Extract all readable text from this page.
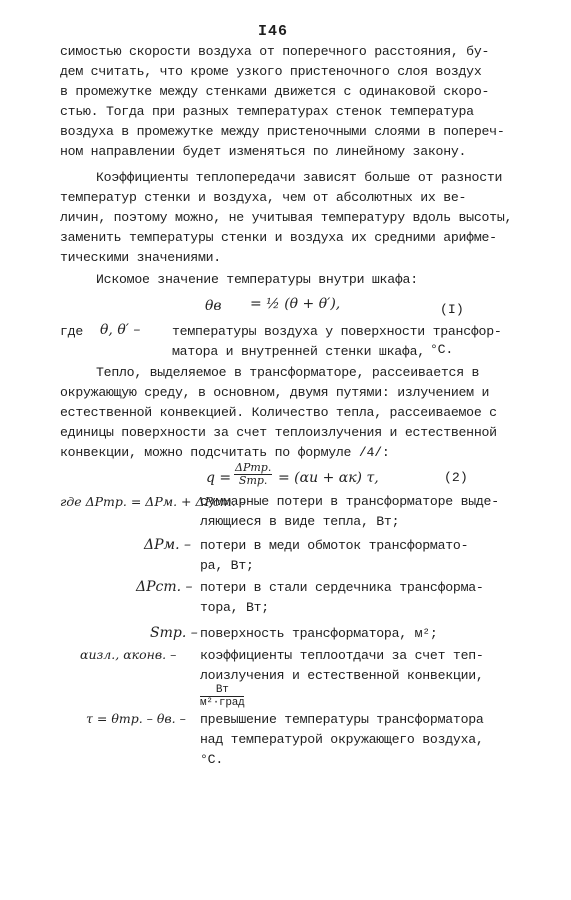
I46
симостью скорости воздуха от поперечного расстояния, бу-
дем считать, что кроме узкого пристеночного слоя воздух
в промежутке между стенками движется с одинаковой скоро-
стью. Тогда при разных температурах стенок температура
воздуха в промежутке между пристеночными слоями в попереч-
ном направлении будет изменяться по линейному закону.
Коэффициенты теплопередачи зависят больше от разности
температур стенки и воздуха, чем от абсолютных их ве-
личин, поэтому можно, не учитывая температуру вдоль высоты,
заменить температуры стенки и воздуха их средними арифме-
тическими значениями.
Искомое значение температуры внутри шкафа:
θв = ½ (θ + θ′),	(I)
где θ, θ′ – температуры воздуха у поверхности трансфор-
матора и внутренней стенки шкафа, °С.
Тепло, выделяемое в трансформаторе, рассеивается в
окружающую среду, в основном, двумя путями: излучением и
естественной конвекцией. Количество тепла, рассеиваемое с
единицы поверхности за счет теплоизлучения и естественной
конвекции, можно подсчитать по формуле /4/:
$q = \frac{\text{ΔPтр.}}{\text{Sтр.}} = (\alpha и + \alpha к)$ τ,	(2)
где ΔPтр. = ΔPм. + ΔPст. –
суммарные потери в трансформаторе выде-
ляющиеся в виде тепла, Вт;
ΔPм. – потери в меди обмоток трансформато-
ра, Вт;
ΔPст. – потери в стали сердечника трансформа-
тора, Вт;
Sтр. – поверхность трансформатора, м²;
αизл., αконв. – коэффициенты теплоотдачи за счет теп-
лоизлучения и естественной конвекции,
$\frac{Вт}{\text{м²·град}}$
τ = θтр. – θв. – превышение температуры трансформатора
над температурой окружающего воздуха,
°С.
